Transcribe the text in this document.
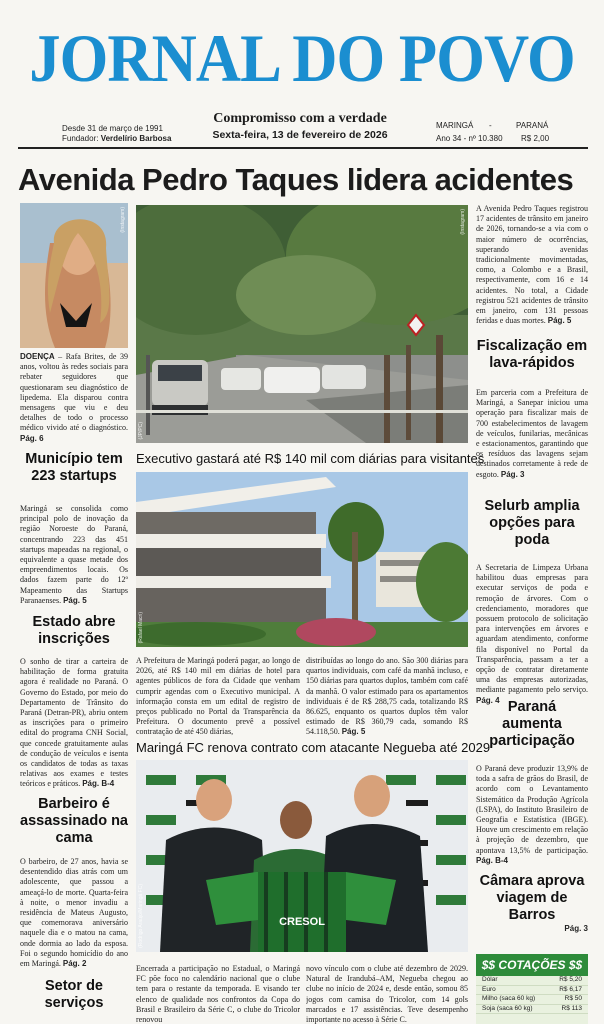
JORNAL DO POVO
Desde 31 de março de 1991
Fundador: Verdelírio Barbosa
Compromisso com a verdade
Sexta-feira, 13 de fevereiro de 2026
MARINGÁ -	PARANÁ
Ano 34 - nº 10.380 R$ 2,00
Avenida Pedro Taques lidera acidentes
(Instagram)
DOENÇA – Rafa Brites, de 39 anos, voltou às redes sociais para rebater seguidores que questionaram seu diagnóstico de lipedema. Ela disparou contra mensagens que viu e deu detalhes de todo o processo médico vivido até o diagnóstico. Pág. 6
Município tem 223 startups
Maringá se consolida como principal polo de inovação da região Noroeste do Paraná, concentrando 223 das 451 startups mapeadas na regional, o equivalente a quase metade dos empreendimentos locais. Os dados fazem parte do 12º Mapeamento das Startups Paranaenses. Pág. 5
Estado abre inscrições
O sonho de tirar a carteira de habilitação de forma gratuita agora é realidade no Paraná. O Governo do Estado, por meio do Departamento de Trânsito do Paraná (Detran-PR), abriu ontem as inscrições para o primeiro edital do programa CNH Social, que concede gratuitamente aulas de condução de veículos e isenta os candidatos de todas as taxas relativas aos exames e testes teóricos e práticos. Pág. B-4
Barbeiro é assassinado na cama
O barbeiro, de 27 anos, havia se desentendido dias atrás com um adolescente, que passou a ameaçá-lo de morte. Quarta-feira à noite, o menor invadiu a residência de Mateus Augusto, que comemorava aniversário naquele dia e o matou na cama, onde dormia ao lado da esposa. Foi o segundo homicídio do ano em Maringá. Pág. 2
Setor de serviços
(JP/PC)
(Instagram)
Executivo gastará até R$ 140 mil com diárias para visitantes
(Rafael Macri)
A Prefeitura de Maringá poderá pagar, ao longo de 2026, até R$ 140 mil em diárias de hotel para agentes públicos de fora da Cidade que venham cumprir agendas com o Executivo municipal. A informação consta em um edital de registro de preços publicado no Portal da Transparência da Prefeitura. O documento prevê a possível contratação de até 450 diárias,
distribuídas ao longo do ano. São 300 diárias para quartos individuais, com café da manhã incluso, e 150 diárias para quartos duplos, também com café da manhã. O valor estimado para os apartamentos individuais é de R$ 288,75 cada, totalizando R$ 86.625, enquanto os quartos duplos têm valor estimado de R$ 360,79 cada, somando R$ 54.118,50. Pág. 5
Maringá FC renova contrato com atacante Negueba até 2029
CRESOL
(Rodrigo Araújo/Maringá FC)
Encerrada a participação no Estadual, o Maringá FC põe foco no calendário nacional que o clube tem para o restante da temporada. E visando ter elenco de qualidade nos confrontos da Copa do Brasil e Brasileiro da Série C, o clube do Tricolor renovou
novo vínculo com o clube até dezembro de 2029. Natural de Irandubá–AM, Negueba chegou ao clube no início de 2024 e, desde então, somou 85 jogos com camisa do Tricolor, com 14 gols marcados e 17 assistências. Teve desempenho importante no acesso à Série C.
A Avenida Pedro Taques registrou 17 acidentes de trânsito em janeiro de 2026, tornando-se a via com o maior número de ocorrências, superando avenidas tradicionalmente movimentadas, como, a Colombo e a Brasil, respectivamente, com 16 e 14 acidentes. No total, a Cidade registrou 521 acidentes de trânsito em janeiro, com 131 pessoas feridas e duas mortes. Pág. 5
Fiscalização em lava-rápidos
Em parceria com a Prefeitura de Maringá, a Sanepar iniciou uma operação para fiscalizar mais de 700 estabelecimentos de lavagem de veículos, funilarias, mecânicas e estacionamentos, garantindo que os resíduos das lavagens sejam destinados corretamente à rede de esgoto. Pág. 3
Selurb amplia opções para poda
A Secretaria de Limpeza Urbana habilitou duas empresas para executar serviços de poda e remoção de árvores. Com o credenciamento, moradores que possuem protocolo de solicitação para intervenções em árvores e aguardam atendimento, conforme fila disponível no Portal da Transparência, passam a ter a opção de contratar diretamente uma das empresas autorizadas, mediante pagamento pelo serviço. Pág. 4 Paraná aumenta participação
O Paraná deve produzir 13,9% de toda a safra de grãos do Brasil, de acordo com o Levantamento Sistemático da Produção Agrícola (LSPA), do Instituto Brasileiro de Geografia e Estatística (IBGE). Houve um crescimento em relação à projeção de dezembro, que apontava 13,5% de participação. Pág. B-4
Câmara aprova viagem de Barros
Pág. 3
$$ COTAÇÕES $$
Dólar	R$ 5,20
Euro	R$ 6,17
Milho (saca 60 kg)	R$ 50
Soja (saca 60 kg)	R$ 113
